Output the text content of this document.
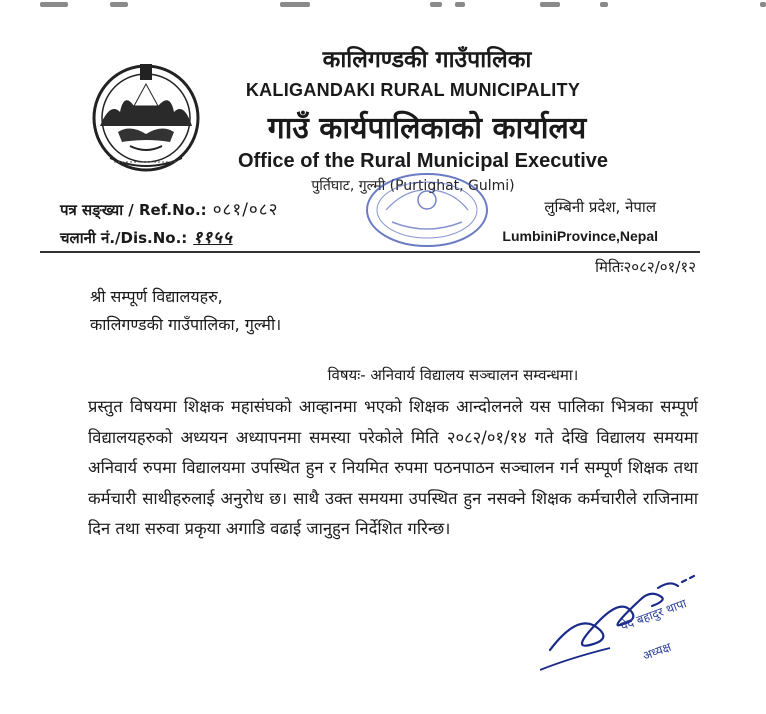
कालिगण्डकी गाउँपालिका
KALIGANDAKI RURAL MUNICIPALITY
गाउँ कार्यपालिकाको कार्यालय
Office of the Rural Municipal Executive
पुर्तिघाट, गुल्मी (Purtighat, Gulmi)
पत्र सङ्ख्या / Ref.No.: ०८१/०८२
चलानी नं./Dis.No.: ११५५
लुम्बिनी प्रदेश, नेपाल
LumbiniProvince,Nepal
मितिः२०८२/०१/१२
श्री सम्पूर्ण विद्यालयहरु,
कालिगण्डकी गाउँपालिका, गुल्मी।
विषयः- अनिवार्य विद्यालय सञ्चालन सम्वन्धमा।
प्रस्तुत विषयमा शिक्षक महासंघको आव्हानमा भएको शिक्षक आन्दोलनले यस पालिका भित्रका सम्पूर्ण विद्यालयहरुको अध्ययन अध्यापनमा समस्या परेकोले मिति २०८२/०१/१४ गते देखि विद्यालय समयमा अनिवार्य रुपमा विद्यालयमा उपस्थित हुन र नियमित रुपमा पठनपाठन सञ्चालन गर्न सम्पूर्ण शिक्षक तथा कर्मचारी साथीहरुलाई अनुरोध छ। साथै उक्त समयमा उपस्थित हुन नसक्ने शिक्षक कर्मचारीले राजिनामा दिन तथा सरुवा प्रकृया अगाडि वढाई जानुहुन निर्देशित गरिन्छ।
वेद बहादुर थापा
अध्यक्ष
